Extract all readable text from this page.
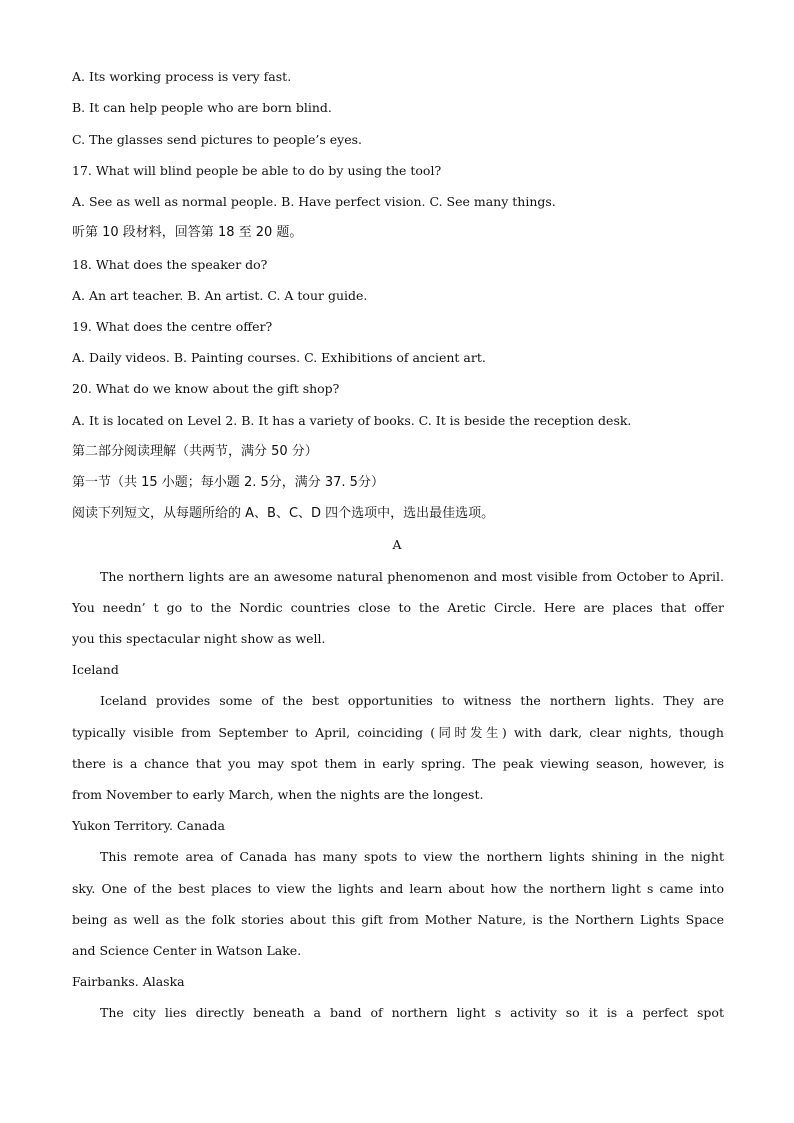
A. Its working process is very fast.
B. It can help people who are born blind.
C. The glasses send pictures to people’s eyes.
17. What will blind people be able to do by using the tool?
A. See as well as normal people. B. Have perfect vision. C. See many things.
听第 10 段材料，回答第 18 至 20 题。
18. What does the speaker do?
A. An art teacher. B. An artist. C. A tour guide.
19. What does the centre offer?
A. Daily videos. B. Painting courses. C. Exhibitions of ancient art.
20. What do we know about the gift shop?
A. It is located on Level 2. B. It has a variety of books. C. It is beside the reception desk.
第二部分阅读理解（共两节，满分 50 分）
第一节（共 15 小题；每小题 2. 5分，满分 37. 5分）
阅读下列短文，从每题所给的 A、B、C、D 四个选项中，选出最佳选项。
A
The northern lights are an awesome natural phenomenon and most visible from October to April.
You needn’ t go to the Nordic countries close to the Aretic Circle. Here are places that offer
you this spectacular night show as well.
Iceland
Iceland provides some of the best opportunities to witness the northern lights. They are
typically visible from September to April, coinciding (同时发生) with dark, clear nights, though
there is a chance that you may spot them in early spring. The peak viewing season, however, is
from November to early March, when the nights are the longest.
Yukon Territory. Canada
This remote area of Canada has many spots to view the northern lights shining in the night
sky. One of the best places to view the lights and learn about how the northern light s came into
being as well as the folk stories about this gift from Mother Nature, is the Northern Lights Space
and Science Center in Watson Lake.
Fairbanks. Alaska
The city lies directly beneath a band of northern light s activity so it is a perfect spot
